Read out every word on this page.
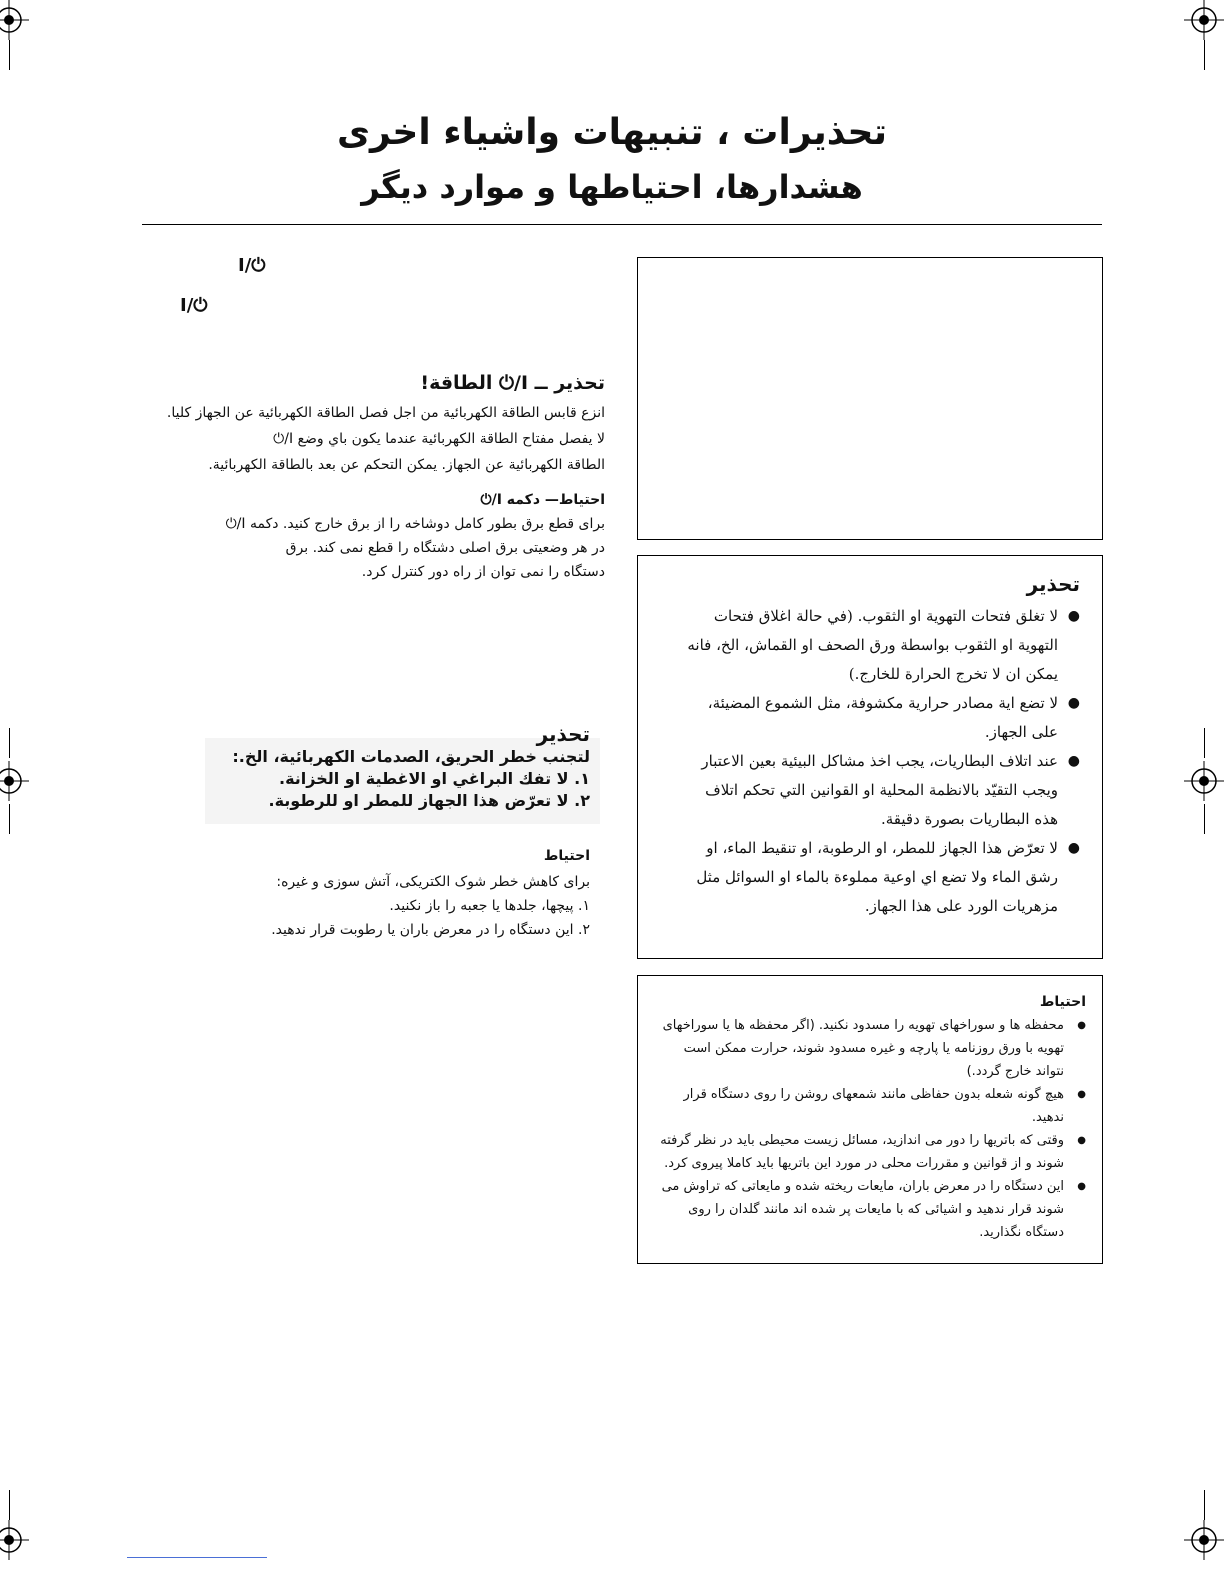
تحذيرات ، تنبيهات واشياء اخرى
هشدارها، احتیاطها و موارد دیگر
I/⏻
I/⏻
تحذير ــ I/⏻ الطاقة!
انزع قابس الطاقة الكهربائية من اجل فصل الطاقة الكهربائية عن الجهاز كليا.
لا يفصل مفتاح الطاقة الكهربائية عندما يكون باي وضع I/⏻
الطاقة الكهربائية عن الجهاز. يمكن التحكم عن بعد بالطاقة الكهربائية.
احتیاط— دکمه I/⏻
برای قطع برق بطور کامل دوشاخه را از برق خارج کنید. دکمه I/⏻
در هر وضعیتی برق اصلی دشتگاه را قطع نمی کند. برق
دستگاه را نمی توان از راه دور کنترل کرد.
تحذير
لتجنب خطر الحريق، الصدمات الكهربائية، الخ.:
١. لا تفك البراغي او الاغطية او الخزانة.
٢. لا تعرّض هذا الجهاز للمطر او للرطوبة.
احتیاط
برای کاهش خطر شوک الکتریکی، آتش سوزی و غیره:
١. پیچها، جلدها یا جعبه را باز نکنید.
٢. این دستگاه را در معرض باران یا رطوبت قرار ندهید.
تحذير
● لا تغلق فتحات التهوية او الثقوب. (في حالة اغلاق فتحات التهوية او الثقوب بواسطة ورق الصحف او القماش، الخ، فانه يمكن ان لا تخرج الحرارة للخارج.)
● لا تضع اية مصادر حرارية مكشوفة، مثل الشموع المضيئة، على الجهاز.
● عند اتلاف البطاريات، يجب اخذ مشاكل البيئية بعين الاعتبار ويجب التقيّد بالانظمة المحلية او القوانين التي تحكم اتلاف هذه البطاريات بصورة دقيقة.
● لا تعرّض هذا الجهاز للمطر، او الرطوبة، او تنقيط الماء، او رشق الماء ولا تضع اي اوعية مملوءة بالماء او السوائل مثل مزهريات الورد على هذا الجهاز.
احتیاط
● محفظه ها و سوراخهای تهویه را مسدود نکنید. (اگر محفظه ها یا سوراخهای تهویه با ورق روزنامه یا پارچه و غیره مسدود شوند، حرارت ممکن است نتواند خارج گردد.)
● هیچ گونه شعله بدون حفاظی مانند شمعهای روشن را روی دستگاه قرار ندهید.
● وقتی که باتریها را دور می اندازید، مسائل زیست محیطی باید در نظر گرفته شوند و از قوانین و مقررات محلی در مورد این باتریها باید کاملا پیروی کرد.
● این دستگاه را در معرض باران، مایعات ریخته شده و مایعاتی که تراوش می شوند قرار ندهید و اشیائی که با مایعات پر شده اند مانند گلدان را روی دستگاه نگذارید.
